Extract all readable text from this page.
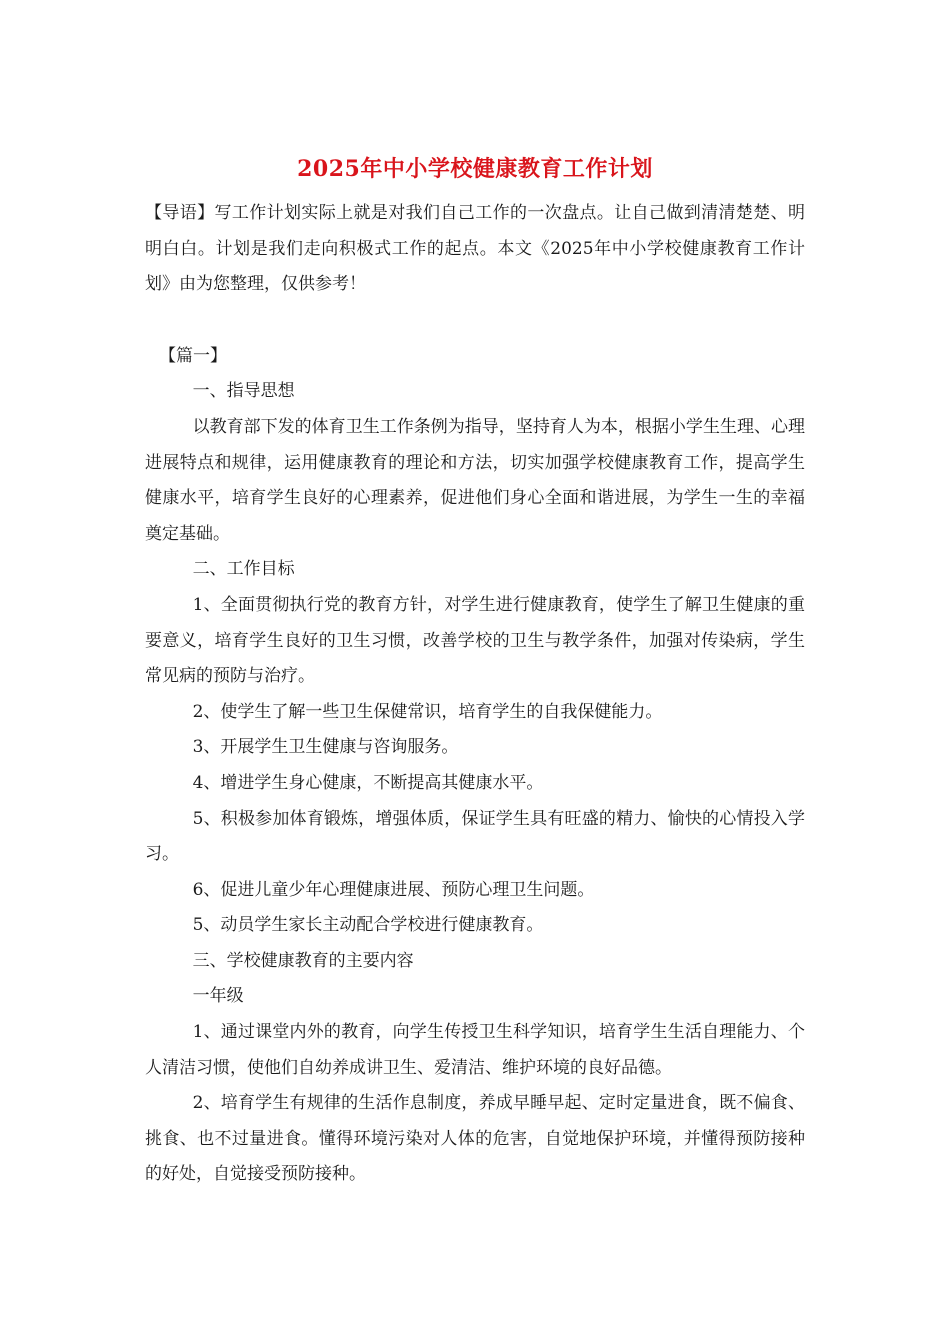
2025年中小学校健康教育工作计划

【导语】写工作计划实际上就是对我们自己工作的一次盘点。让自己做到清清楚楚、明明白白。计划是我们走向积极式工作的起点。本文《2025年中小学校健康教育工作计划》由为您整理，仅供参考！

【篇一】

一、指导思想

以教育部下发的体育卫生工作条例为指导，坚持育人为本，根据小学生生理、心理进展特点和规律，运用健康教育的理论和方法，切实加强学校健康教育工作，提高学生健康水平，培育学生良好的心理素养，促进他们身心全面和谐进展，为学生一生的幸福奠定基础。

二、工作目标

1、全面贯彻执行党的教育方针，对学生进行健康教育，使学生了解卫生健康的重要意义，培育学生良好的卫生习惯，改善学校的卫生与教学条件，加强对传染病，学生常见病的预防与治疗。

2、使学生了解一些卫生保健常识，培育学生的自我保健能力。

3、开展学生卫生健康与咨询服务。

4、增进学生身心健康，不断提高其健康水平。

5、积极参加体育锻炼，增强体质，保证学生具有旺盛的精力、愉快的心情投入学习。

6、促进儿童少年心理健康进展、预防心理卫生问题。

5、动员学生家长主动配合学校进行健康教育。

三、学校健康教育的主要内容

一年级

1、通过课堂内外的教育，向学生传授卫生科学知识，培育学生生活自理能力、个人清洁习惯，使他们自幼养成讲卫生、爱清洁、维护环境的良好品德。

2、培育学生有规律的生活作息制度，养成早睡早起、定时定量进食，既不偏食、挑食、也不过量进食。懂得环境污染对人体的危害，自觉地保护环境，并懂得预防接种的好处，自觉接受预防接种。
